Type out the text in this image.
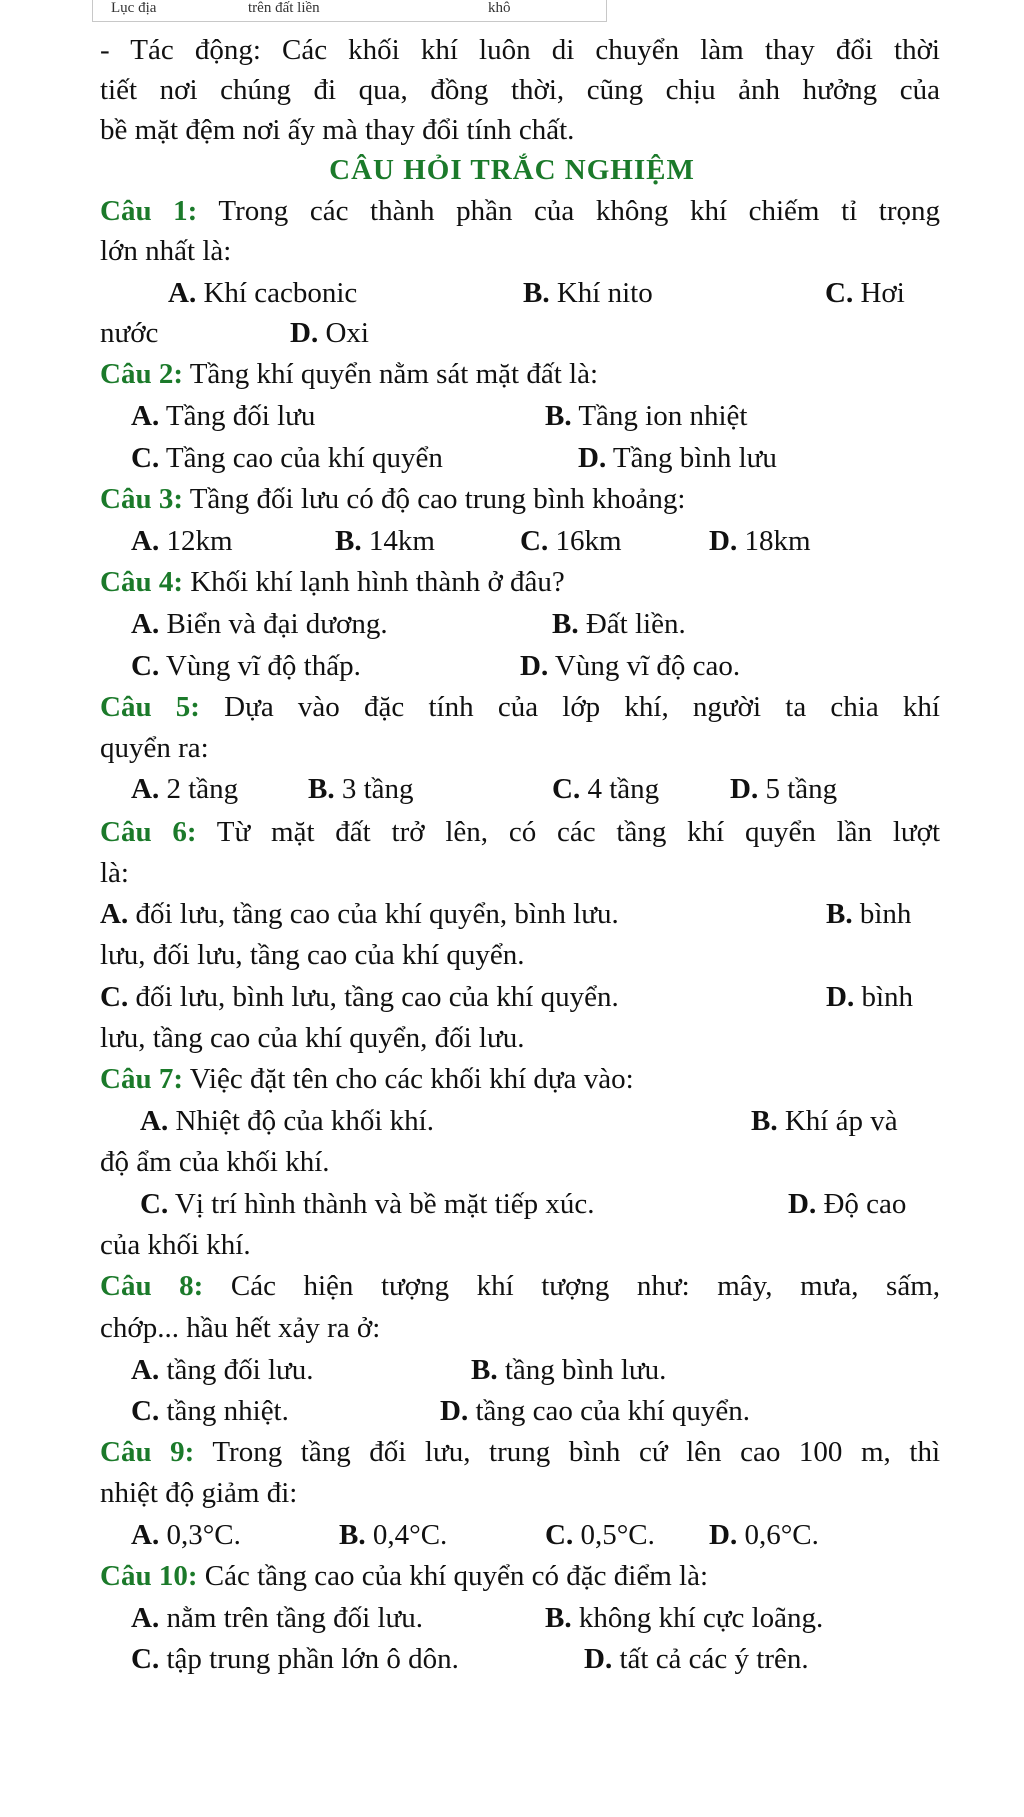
Lục địa	trên đất liền	khô
- Tác động: Các khối khí luôn di chuyển làm thay đổi thời
tiết nơi chúng đi qua, đồng thời, cũng chịu ảnh hưởng của
bề mặt đệm nơi ấy mà thay đổi tính chất.
CÂU HỎI TRẮC NGHIỆM
Câu 1: Trong các thành phần của không khí chiếm tỉ trọng
lớn nhất là:
A. Khí cacbonic	B. Khí nito	C. Hơi
nước	D. Oxi
Câu 2: Tầng khí quyển nằm sát mặt đất là:
A. Tầng đối lưu	B. Tầng ion nhiệt
C. Tầng cao của khí quyển	D. Tầng bình lưu
Câu 3: Tầng đối lưu có độ cao trung bình khoảng:
A. 12km	B. 14km	C. 16km	D. 18km
Câu 4: Khối khí lạnh hình thành ở đâu?
A. Biển và đại dương.	B. Đất liền.
C. Vùng vĩ độ thấp.	D. Vùng vĩ độ cao.
Câu 5: Dựa vào đặc tính của lớp khí, người ta chia khí
quyển ra:
A. 2 tầng B. 3 tầng	C. 4 tầng D. 5 tầng
Câu 6: Từ mặt đất trở lên, có các tầng khí quyển lần lượt
là:
A. đối lưu, tầng cao của khí quyển, bình lưu.	B. bình
lưu, đối lưu, tầng cao của khí quyển.
C. đối lưu, bình lưu, tầng cao của khí quyển.	D. bình
lưu, tầng cao của khí quyển, đối lưu.
Câu 7: Việc đặt tên cho các khối khí dựa vào:
A. Nhiệt độ của khối khí.	B. Khí áp và
độ ẩm của khối khí.
C. Vị trí hình thành và bề mặt tiếp xúc.	D. Độ cao
của khối khí.
Câu 8: Các hiện tượng khí tượng như: mây, mưa, sấm,
chớp... hầu hết xảy ra ở:
A. tầng đối lưu.	B. tầng bình lưu.
C. tầng nhiệt.	D. tầng cao của khí quyển.
Câu 9: Trong tầng đối lưu, trung bình cứ lên cao 100 m, thì
nhiệt độ giảm đi:
A. 0,3°C.	B. 0,4°C.	C. 0,5°C. D. 0,6°C.
Câu 10: Các tầng cao của khí quyển có đặc điểm là:
A. nằm trên tầng đối lưu.	B. không khí cực loãng.
C. tập trung phần lớn ô dôn.	D. tất cả các ý trên.
